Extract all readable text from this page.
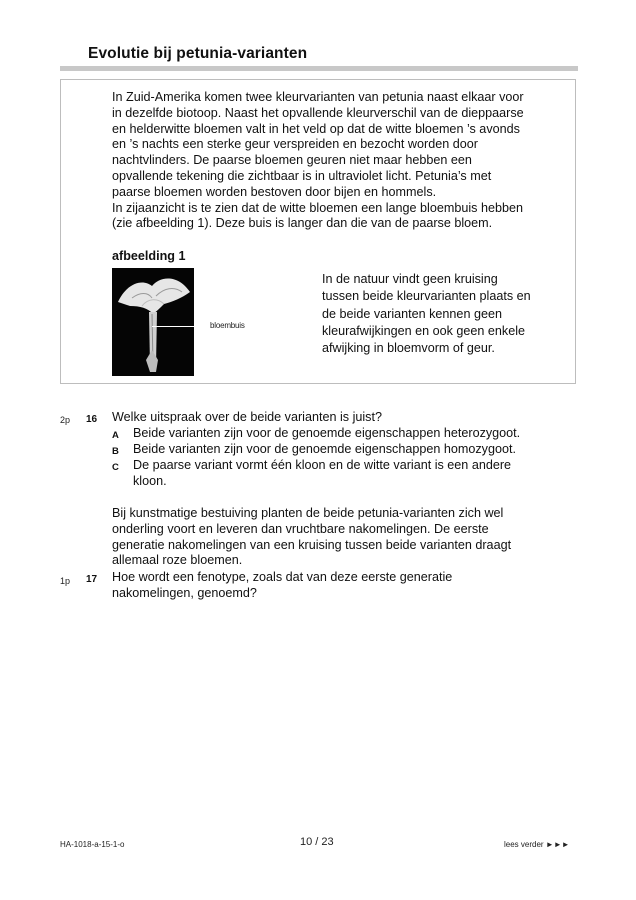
Evolutie bij petunia-varianten

In Zuid-Amerika komen twee kleurvarianten van petunia naast elkaar voor

in dezelfde biotoop. Naast het opvallende kleurverschil van de dieppaarse

en helderwitte bloemen valt in het veld op dat de witte bloemen ’s avonds

en ’s nachts een sterke geur verspreiden en bezocht worden door

nachtvlinders. De paarse bloemen geuren niet maar hebben een

opvallende tekening die zichtbaar is in ultraviolet licht. Petunia’s met

paarse bloemen worden bestoven door bijen en hommels.

In zijaanzicht is te zien dat de witte bloemen een lange bloembuis hebben

(zie afbeelding 1). Deze buis is langer dan die van de paarse bloem.

afbeelding 1
bloembuis

In de natuur vindt geen kruising

tussen beide kleurvarianten plaats en

de beide varianten kennen geen

kleurafwijkingen en ook geen enkele

afwijking in bloemvorm of geur.

2p 16 Welke uitspraak over de beide varianten is juist?
A Beide varianten zijn voor de genoemde eigenschappen heterozygoot.
B Beide varianten zijn voor de genoemde eigenschappen homozygoot.
C De paarse variant vormt één kloon en de witte variant is een andere
kloon.

Bij kunstmatige bestuiving planten de beide petunia-varianten zich wel

onderling voort en leveren dan vruchtbare nakomelingen. De eerste

generatie nakomelingen van een kruising tussen beide varianten draagt

allemaal roze bloemen.

1p 17 Hoe wordt een fenotype, zoals dat van deze eerste generatie
nakomelingen, genoemd?
HA-1018-a-15-1-o	10 / 23	lees verder ►►►
